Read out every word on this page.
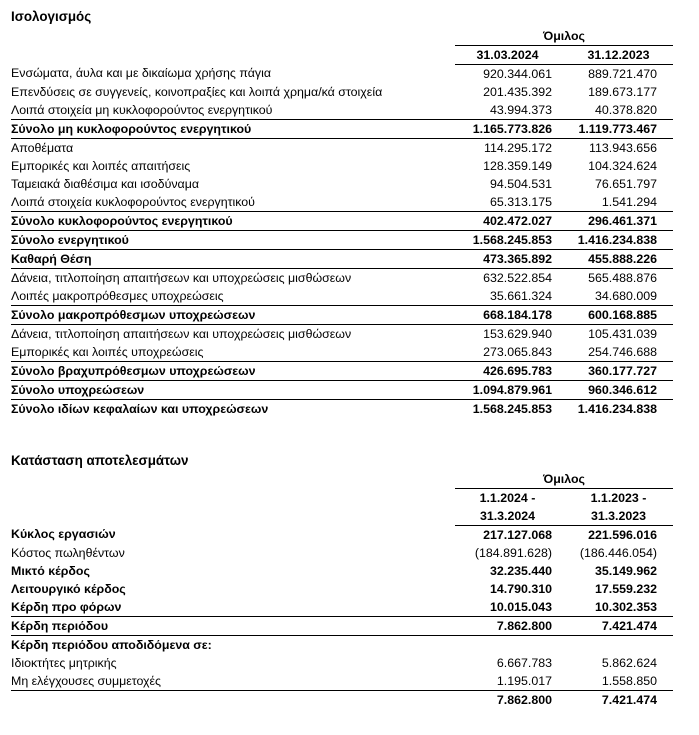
Ισολογισμός
	Όμιλος	
	31.03.2024	31.12.2023
Ενσώματα, άυλα και με δικαίωμα χρήσης πάγια	920.344.061	889.721.470
Επενδύσεις σε συγγενείς, κοινοπραξίες και λοιπά χρημα/κά στοιχεία	201.435.392	189.673.177
Λοιπά στοιχεία μη κυκλοφορούντος ενεργητικού	43.994.373	40.378.820
Σύνολο μη κυκλοφορούντος ενεργητικού	1.165.773.826	1.119.773.467
Αποθέματα	114.295.172	113.943.656
Εμπορικές και λοιπές απαιτήσεις	128.359.149	104.324.624
Ταμειακά διαθέσιμα και ισοδύναμα	94.504.531	76.651.797
Λοιπά στοιχεία κυκλοφορούντος ενεργητικού	65.313.175	1.541.294
Σύνολο κυκλοφορούντος ενεργητικού	402.472.027	296.461.371
Σύνολο ενεργητικού	1.568.245.853	1.416.234.838
Καθαρή Θέση	473.365.892	455.888.226
Δάνεια, τιτλοποίηση απαιτήσεων και υποχρεώσεις μισθώσεων	632.522.854	565.488.876
Λοιπές μακροπρόθεσμες υποχρεώσεις	35.661.324	34.680.009
Σύνολο μακροπρόθεσμων υποχρεώσεων	668.184.178	600.168.885
Δάνεια, τιτλοποίηση απαιτήσεων και υποχρεώσεις μισθώσεων	153.629.940	105.431.039
Εμπορικές και λοιπές υποχρεώσεις	273.065.843	254.746.688
Σύνολο βραχυπρόθεσμων υποχρεώσεων	426.695.783	360.177.727
Σύνολο υποχρεώσεων	1.094.879.961	960.346.612
Σύνολο ιδίων κεφαλαίων και υποχρεώσεων	1.568.245.853	1.416.234.838
Κατάσταση αποτελεσμάτων
	Όμιλος	
	1.1.2024 -	1.1.2023 -
	31.3.2024	31.3.2023
Κύκλος εργασιών	217.127.068	221.596.016
Κόστος πωληθέντων	(184.891.628)	(186.446.054)
Μικτό κέρδος	32.235.440	35.149.962
Λειτουργικό κέρδος	14.790.310	17.559.232
Κέρδη προ φόρων	10.015.043	10.302.353
Κέρδη περιόδου	7.862.800	7.421.474
Κέρδη περιόδου αποδιδόμενα σε:		
Ιδιοκτήτες μητρικής	6.667.783	5.862.624
Μη ελέγχουσες συμμετοχές	1.195.017	1.558.850
	7.862.800	7.421.474
